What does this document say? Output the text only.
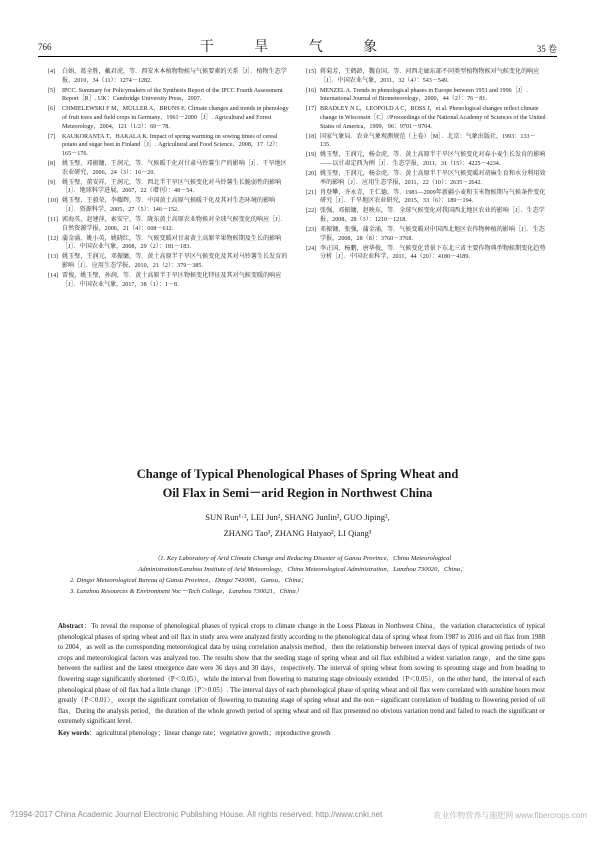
766	干 旱 气 象	35 卷
[4] 白娟，葛全胜，戴君虎，等．西安木本植物物候与气候要素的关系［J］．植物生态学报，2010，34（11）：1274－1282．
[5] IPCC. Summary for Policymakers of the Synthesis Report of the IPCC Fourth Assessment Report［R］. UK：Cambridge University Press，2007.
[6] CHMIELEWSKI F M，MÜLLER A，BRUNS E. Climate changes and trends in phenology of fruit trees and field crops in Germany，1961－2000［J］. Agricultural and Forest Meteorology，2004，121（1/2）：69－78.
[7] KAUKORANTA T，HAKALA K. Impact of spring warming on sowing times of cereal potato and sugar beet in Finland［J］. Agricultural and Food Science，2008，17（2）：165－176.
[8] 姚玉璧，邓振镛，王润元，等．气候暖干化对甘肃马铃薯生产的影响［J］．干旱地区农业研究，2006，24（3）：16－20．
[9] 姚玉璧，董安祥，王润元，等．西北半干旱区气候变化对马铃薯生长脆弱性的影响［J］．地球科学进展，2007，22（增刊）：48－54．
[10] 姚玉璧，王毅荣，李耀辉，等．中国黄土高原气候暖干化及其对生态环境的影响［J］．资源科学，2005，27（5）：146－152．
[11] 郭海英，赵建萍，索安宁，等．陇东黄土高原农业物候对全球气候变化的响应［J］．自然资源学报，2006，21（4）：608－612．
[12] 蒲金涌，姚小英，姚晓红，等．气候变暖对甘肃黄土高原苹果物候期及生长的影响［J］．中国农业气象，2008，29（2）：181－183．
[13] 姚玉璧，王润元，邓振镛，等．黄土高原半干旱区气候变化及其对马铃薯生长发育的影响［J］．应用生态学报，2010，21（2）：379－385．
[14] 雷俊，姚玉璧，孙润，等．黄土高原半干旱区物候变化特征及其对气候变暖的响应［J］．中国农业气象，2017，38（1）：1－8．
[15] 蒋菊芳，王鹤龄，魏育国，等．河西走廊东部不同类型植物物候对气候变化的响应［J］．中国农业气象，2011，32（4）：543－549．
[16] MENZEL A. Trends in phenological phases in Europe between 1951 and 1996［J］. International Journal of Biometeorology，2000，44（2）：76－81.
[17] BRADLEY N L，LEOPOLD A C，ROSS J，et al. Phenological changes reflect climate change in Wisconsin［C］//Proceedings of the National Academy of Sciences of the United States of America，1999，96：9701－9704.
[18] 国家气象局．农业气象观测规范（上卷）［M］．北京：气象出版社，1993：133－135．
[19] 姚玉璧，王润元，杨金虎，等．黄土高原半干旱区气候变化对春小麦生长发育的影响——以甘肃定西为例［J］．生态学报，2011，31（15）：4225－4234．
[20] 姚玉璧，王润元，杨金虎，等．黄土高原半干旱区气候变暖对胡麻生育和水分利用效率的影响［J］．应用生态学报，2011，22（10）：2635－2642．
[21] 肖登攀，齐永青，王仁德，等．1981—2009年新疆小麦和玉米物候期与气候条件变化研究［J］．干旱地区农业研究，2015，33（6）：189－194．
[22] 张强，邓振镛，赵映东，等．全球气候变化对我国西北地区农业的影响［J］．生态学报，2008，28（3）：1210－1218．
[23] 邓振镛，张强，蒲金涌，等．气候变暖对中国西北地区农作物种植的影响［J］．生态学报，2008，28（8）：3760－3768．
[24] 李正国，杨鹏，唐华俊，等．气候变化背景下东北三省主要作物典型物候期变化趋势分析［J］．中国农业科学，2011，44（20）：4180－4189．
Change of Typical Phenological Phases of Spring Wheat and
Oil Flax in Semi－arid Region in Northwest China
SUN Run¹·², LEI Jun², SHANG Junlin², GUO Jiping²,
ZHANG Tao³, ZHANG Haiyao², LI Qiang³
（1. Key Laboratory of Arid Climate Change and Reducing Disaster of Gansu Province，China Meteorological
Administration/Lanzhou Institute of Arid Meteorology，China Meteorological Administration，Lanzhou 730020，China；
2. Dingxi Meteorological Bureau of Gansu Province，Dingxi 743000，Gansu，China；
3. Lanzhou Resources & Environment Voc－Tech College，Lanzhou 730021，China）
Abstract：To reveal the response of phenological phases of typical crops to climate change in the Loess Plateau in Northwest China，the variation characteristics of typical phenological phases of spring wheat and oil flax in study area were analyzed firstly according to the phenological data of spring wheat from 1987 to 2016 and oil flax from 1988 to 2004，as well as the corresponding meteorological data by using correlation analysis method，then the relationship between interval days of typical growing periods of two crops and meteorological factors was analyzed too. The results show that the seeding stage of spring wheat and oil flax exhibited a widest variation range，and the time gaps between the earliest and the latest emergence date were 36 days and 30 days，respectively. The interval of spring wheat from sowing to sprouting stage and from heading to flowering stage significantly shortened（P＜0.05），while the interval from flowering to maturing stage obviously extended（P＜0.05），on the other hand，the interval of each phenological phase of oil flax had a little change（P＞0.05）. The interval days of each phenological phase of spring wheat and oil flax were correlated with sunshine hours most greatly（P＜0.01），except the significant correlation of flowering to maturing stage of spring wheat and the non－significant correlation of budding to flowering period of oil flax．During the analysis period，the duration of the whole growth period of spring wheat and oil flax presented no obvious variation trend and failed to reach the significant or extremely significant level.
Key words：agricultural phenology；linear change rate；vegetative growth；reproductive growth
?1994-2017 China Academic Journal Electronic Publishing House. All rights reserved. http://www.cnki.net	农业作物营养与施肥网 www.fibercrops.com
